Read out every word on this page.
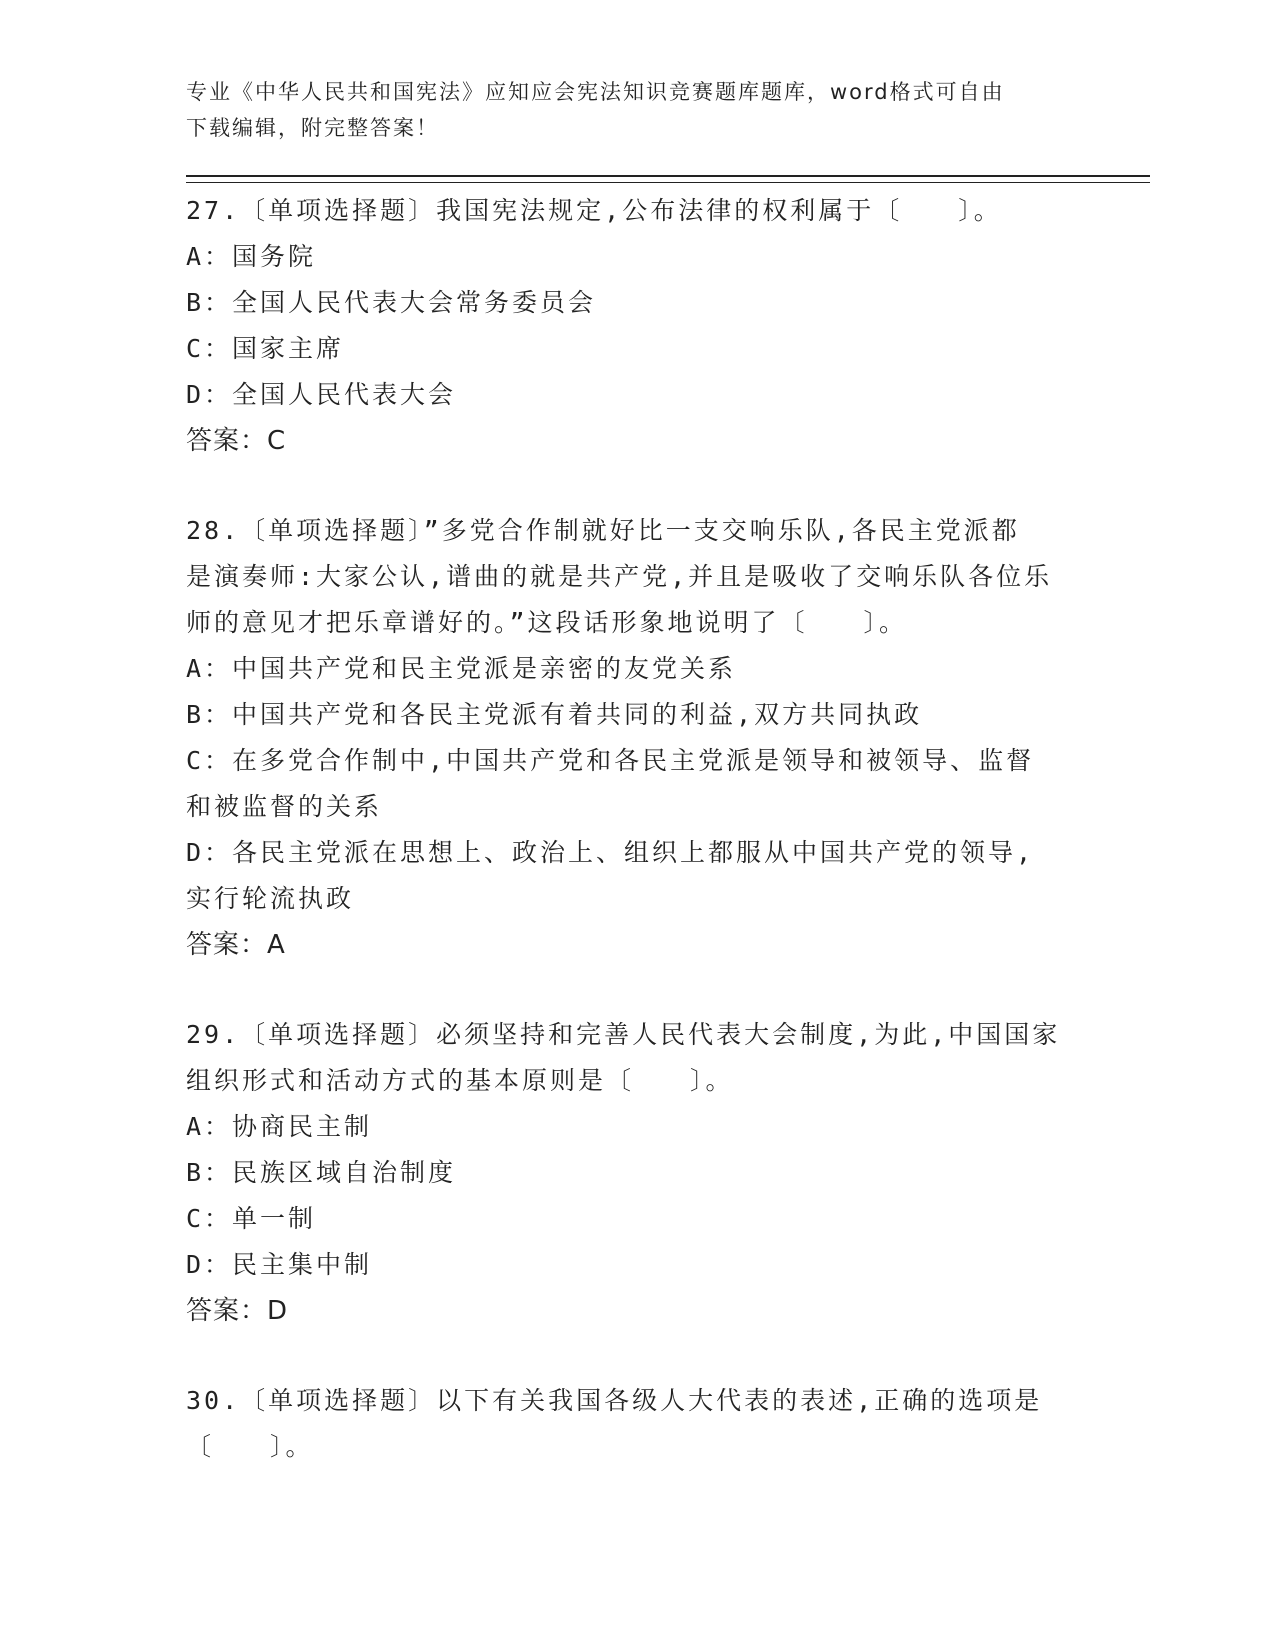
专业《中华人民共和国宪法》应知应会宪法知识竞赛题库题库，word格式可自由
下载编辑，附完整答案！
27.〔单项选择题〕我国宪法规定,公布法律的权利属于〔　　〕。
A：国务院
B：全国人民代表大会常务委员会
C：国家主席
D：全国人民代表大会
答案：C
28.〔单项选择题〕”多党合作制就好比一支交响乐队,各民主党派都
是演奏师:大家公认,谱曲的就是共产党,并且是吸收了交响乐队各位乐
师的意见才把乐章谱好的。”这段话形象地说明了〔　　〕。
A：中国共产党和民主党派是亲密的友党关系
B：中国共产党和各民主党派有着共同的利益,双方共同执政
C：在多党合作制中,中国共产党和各民主党派是领导和被领导、监督
和被监督的关系
D：各民主党派在思想上、政治上、组织上都服从中国共产党的领导,
实行轮流执政
答案：A
29.〔单项选择题〕必须坚持和完善人民代表大会制度,为此,中国国家
组织形式和活动方式的基本原则是〔　　〕。
A：协商民主制
B：民族区域自治制度
C：单一制
D：民主集中制
答案：D
30.〔单项选择题〕以下有关我国各级人大代表的表述,正确的选项是
〔　　〕。
